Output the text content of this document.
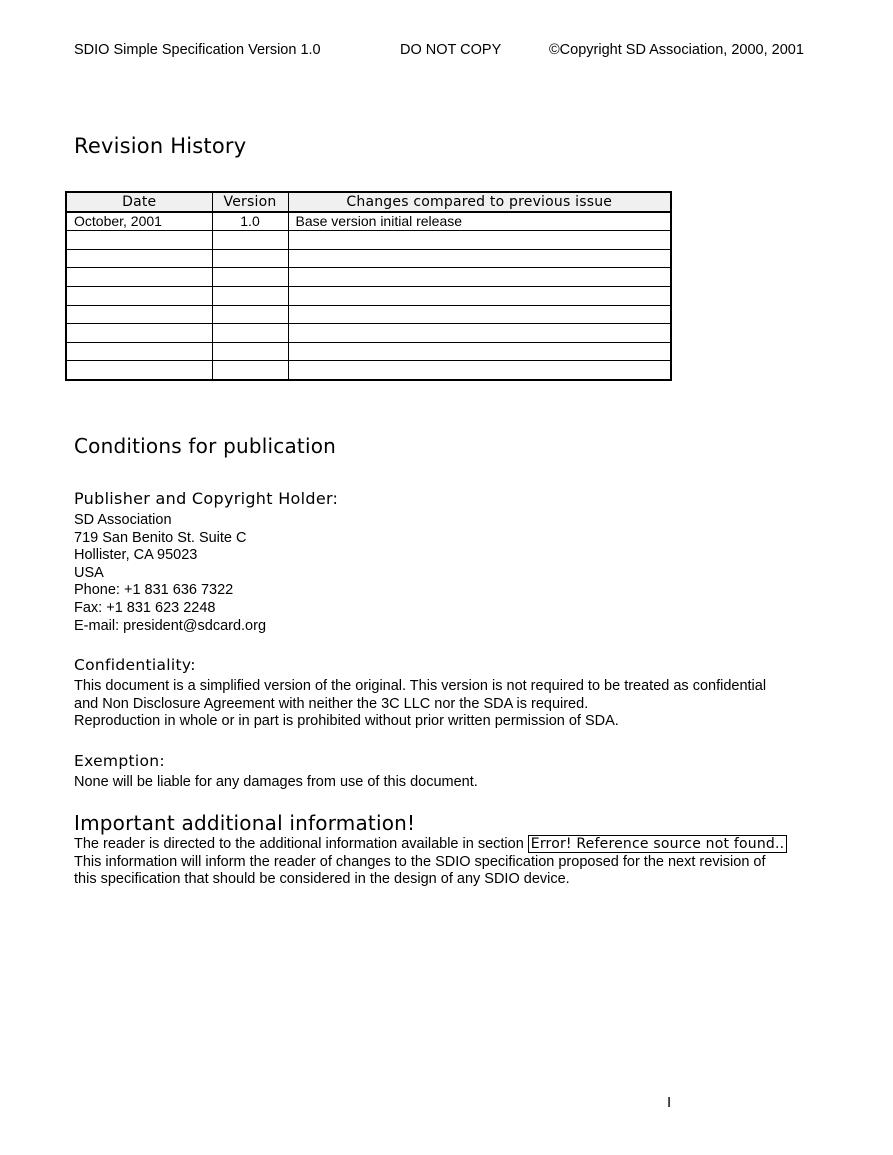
SDIO Simple Specification Version 1.0	DO NOT COPY	©Copyright SD Association, 2000, 2001
Revision History
Date	Version	Changes compared to previous issue
October, 2001	1.0	Base version initial release

Conditions for publication
Publisher and Copyright Holder:
SD Association
719 San Benito St. Suite C
Hollister, CA 95023
USA
Phone: +1 831 636 7322
Fax: +1 831 623 2248
E-mail: president@sdcard.org
Confidentiality:
This document is a simplified version of the original. This version is not required to be treated as confidential
and Non Disclosure Agreement with neither the 3C LLC nor the SDA is required.
Reproduction in whole or in part is prohibited without prior written permission of SDA.
Exemption:
None will be liable for any damages from use of this document.
Important additional information!
The reader is directed to the additional information available in section Error! Reference source not found..
This information will inform the reader of changes to the SDIO specification proposed for the next revision of
this specification that should be considered in the design of any SDIO device.
I
